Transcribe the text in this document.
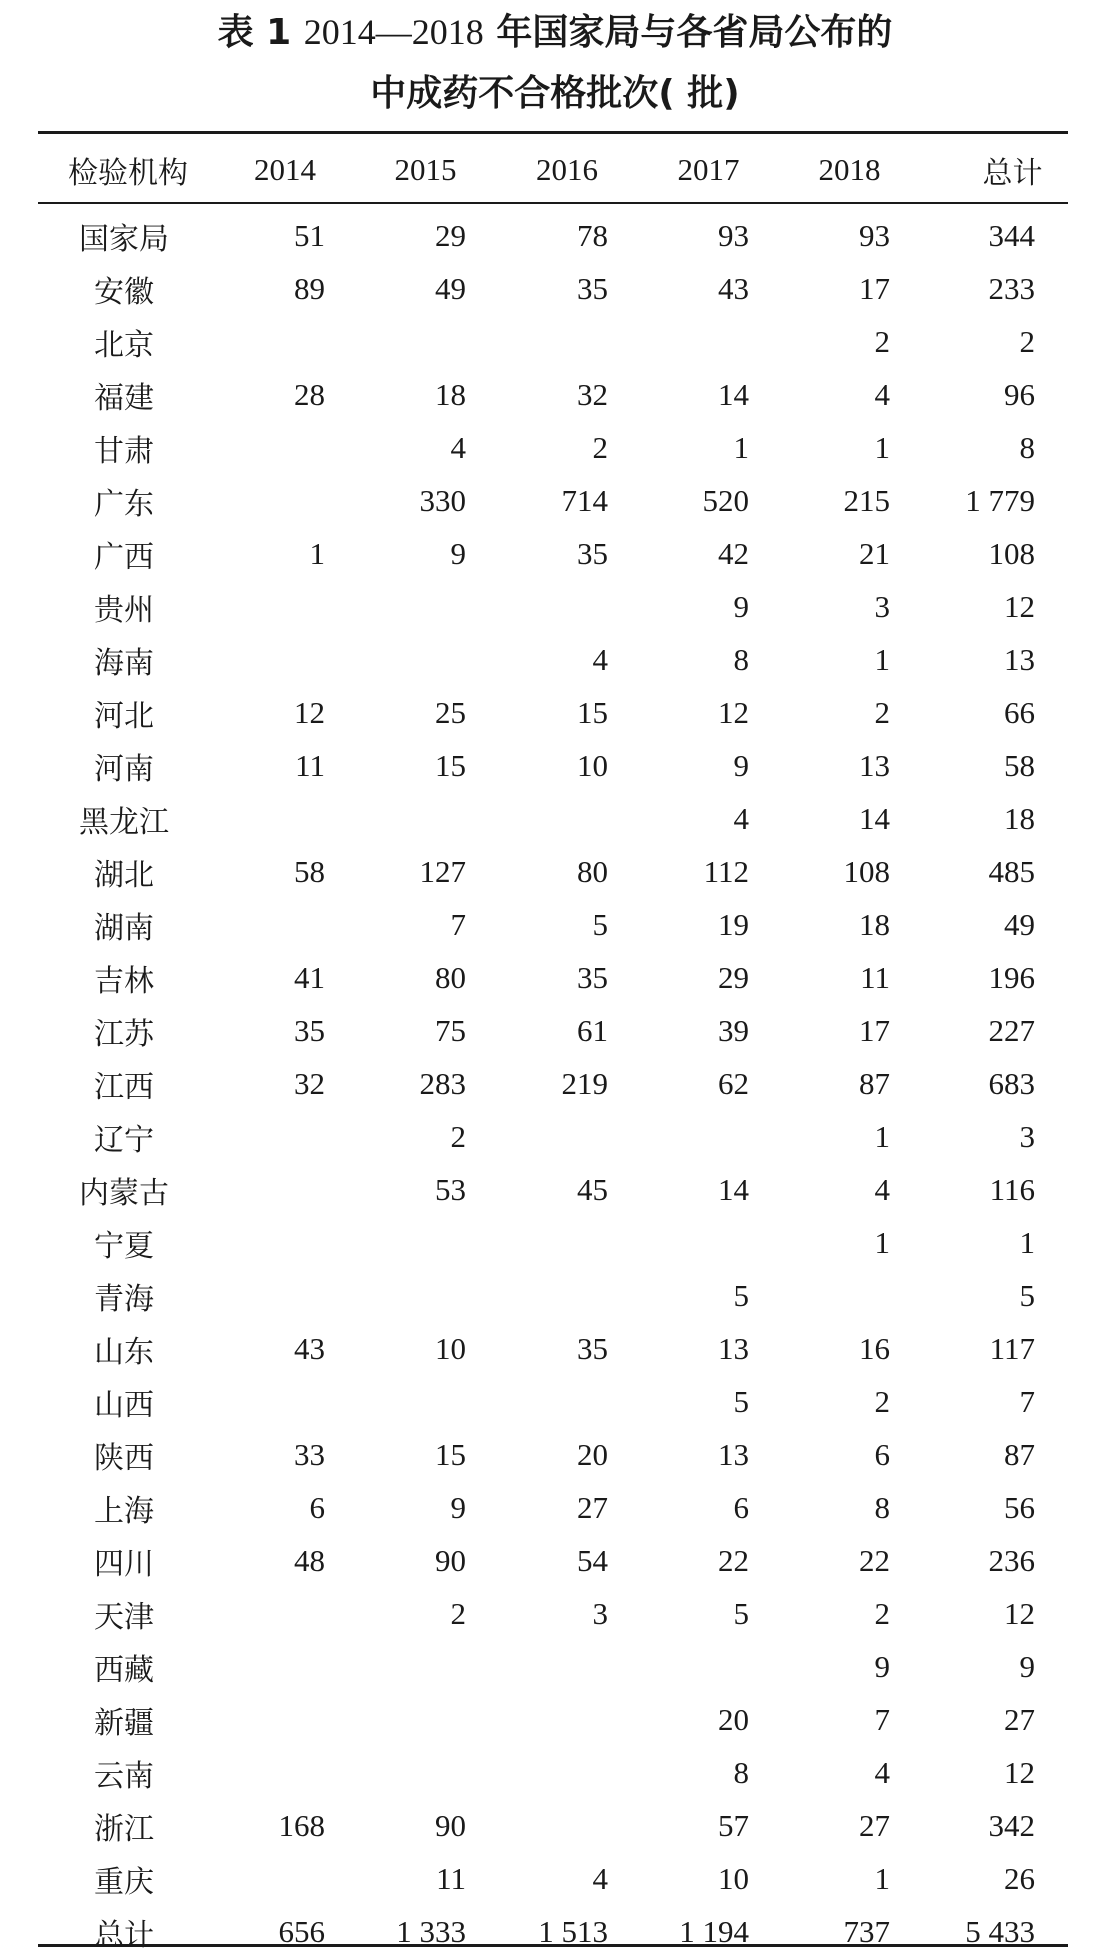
表 1 2014—2018 年国家局与各省局公布的
中成药不合格批次( 批)
检验机构	2014	2015	2016	2017	2018	总计
国家局	51	29	78	93	93	344
安徽	89	49	35	43	17	233
北京					2	2
福建	28	18	32	14	4	96
甘肃		4	2	1	1	8
广东		330	714	520	215	1 779
广西	1	9	35	42	21	108
贵州				9	3	12
海南			4	8	1	13
河北	12	25	15	12	2	66
河南	11	15	10	9	13	58
黑龙江				4	14	18
湖北	58	127	80	112	108	485
湖南		7	5	19	18	49
吉林	41	80	35	29	11	196
江苏	35	75	61	39	17	227
江西	32	283	219	62	87	683
辽宁		2			1	3
内蒙古		53	45	14	4	116
宁夏					1	1
青海				5		5
山东	43	10	35	13	16	117
山西				5	2	7
陕西	33	15	20	13	6	87
上海	6	9	27	6	8	56
四川	48	90	54	22	22	236
天津		2	3	5	2	12
西藏					9	9
新疆				20	7	27
云南				8	4	12
浙江	168	90		57	27	342
重庆		11	4	10	1	26
总计	656	1 333	1 513	1 194	737	5 433
